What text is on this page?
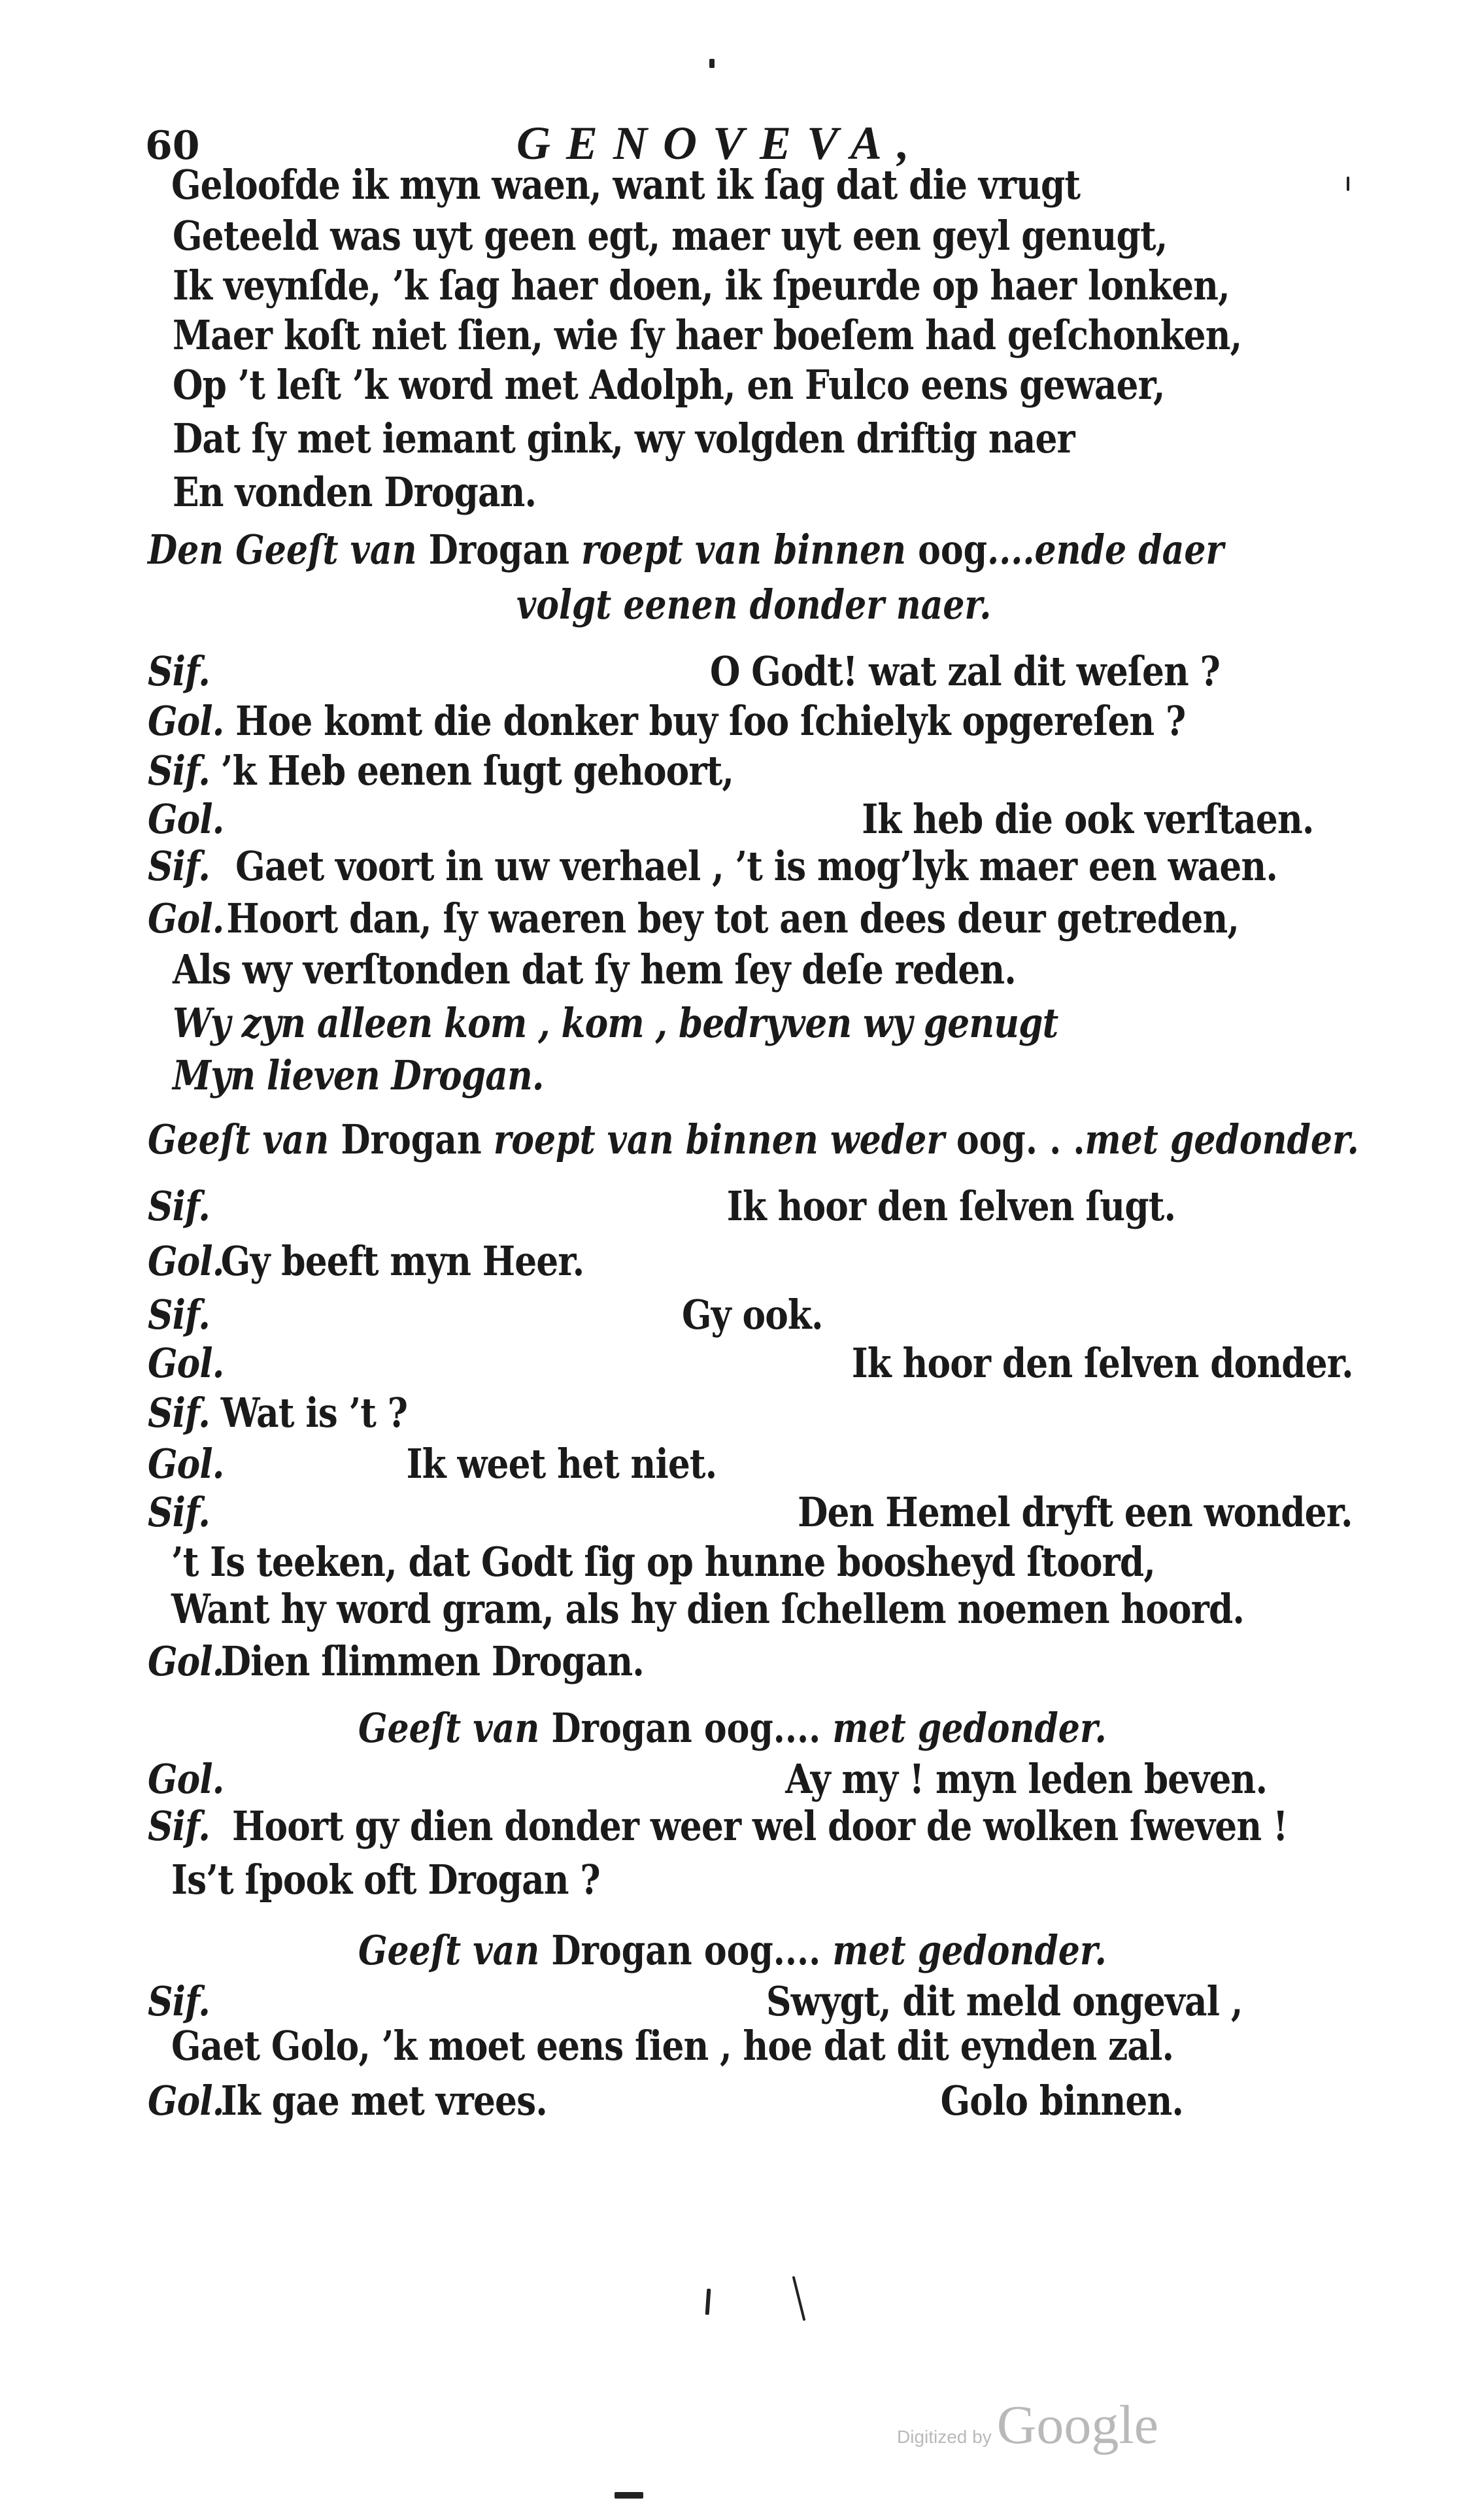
60	GENOVEVA,
Geloofde ik myn waen, want ik ſag dat die vrugt
Geteeld was uyt geen egt, maer uyt een geyl genugt,
Ik veynſde, ’k ſag haer doen, ik ſpeurde op haer lonken,
Maer koſt niet ſien, wie ſy haer boeſem had geſchonken,
Op ’t leſt ’k word met Adolph, en Fulco eens gewaer,
Dat ſy met iemant gink, wy volgden driftig naer
En vonden Drogan.
Den Geeſt van Drogan roept van binnen oog....ende daer
volgt eenen donder naer.
Sif.	O Godt! wat zal dit weſen ?
Gol. Hoe komt die donker buy ſoo ſchielyk opgereſen ?
Sif. ’k Heb eenen ſugt gehoort,
Gol.	Ik heb die ook verſtaen.
Sif. Gaet voort in uw verhael , ’t is mog’lyk maer een waen.
Gol. Hoort dan, ſy waeren bey tot aen dees deur getreden,
Als wy verſtonden dat ſy hem ſey deſe reden.
Wy zyn alleen kom , kom , bedryven wy genugt
Myn lieven Drogan.
Geeſt van Drogan roept van binnen weder oog. . .met gedonder.
Sif.	Ik hoor den ſelven ſugt.
Gol.
Gy beeft myn Heer.
Sif.	Gy ook.
Gol.	Ik hoor den ſelven donder.
Sif. Wat is ’t ?
Gol.	Ik weet het niet.
Sif.	Den Hemel dryft een wonder.
’t Is teeken, dat Godt ſig op hunne boosheyd ſtoord,
Want hy word gram, als hy dien ſchellem noemen hoord.
Gol.
Dien ſlimmen Drogan.
Geeſt van Drogan oog.... met gedonder.
Gol.	Ay my ! myn leden beven.
Sif. Hoort gy dien donder weer wel door de wolken ſweven !
Is’t ſpook oft Drogan ?
Geeſt van Drogan oog.... met gedonder.
Sif.	Swygt, dit meld ongeval ,
Gaet Golo, ’k moet eens ſien , hoe dat dit eynden zal.
Gol.
Ik gae met vrees.	Golo binnen.
Digitized byGoogle
